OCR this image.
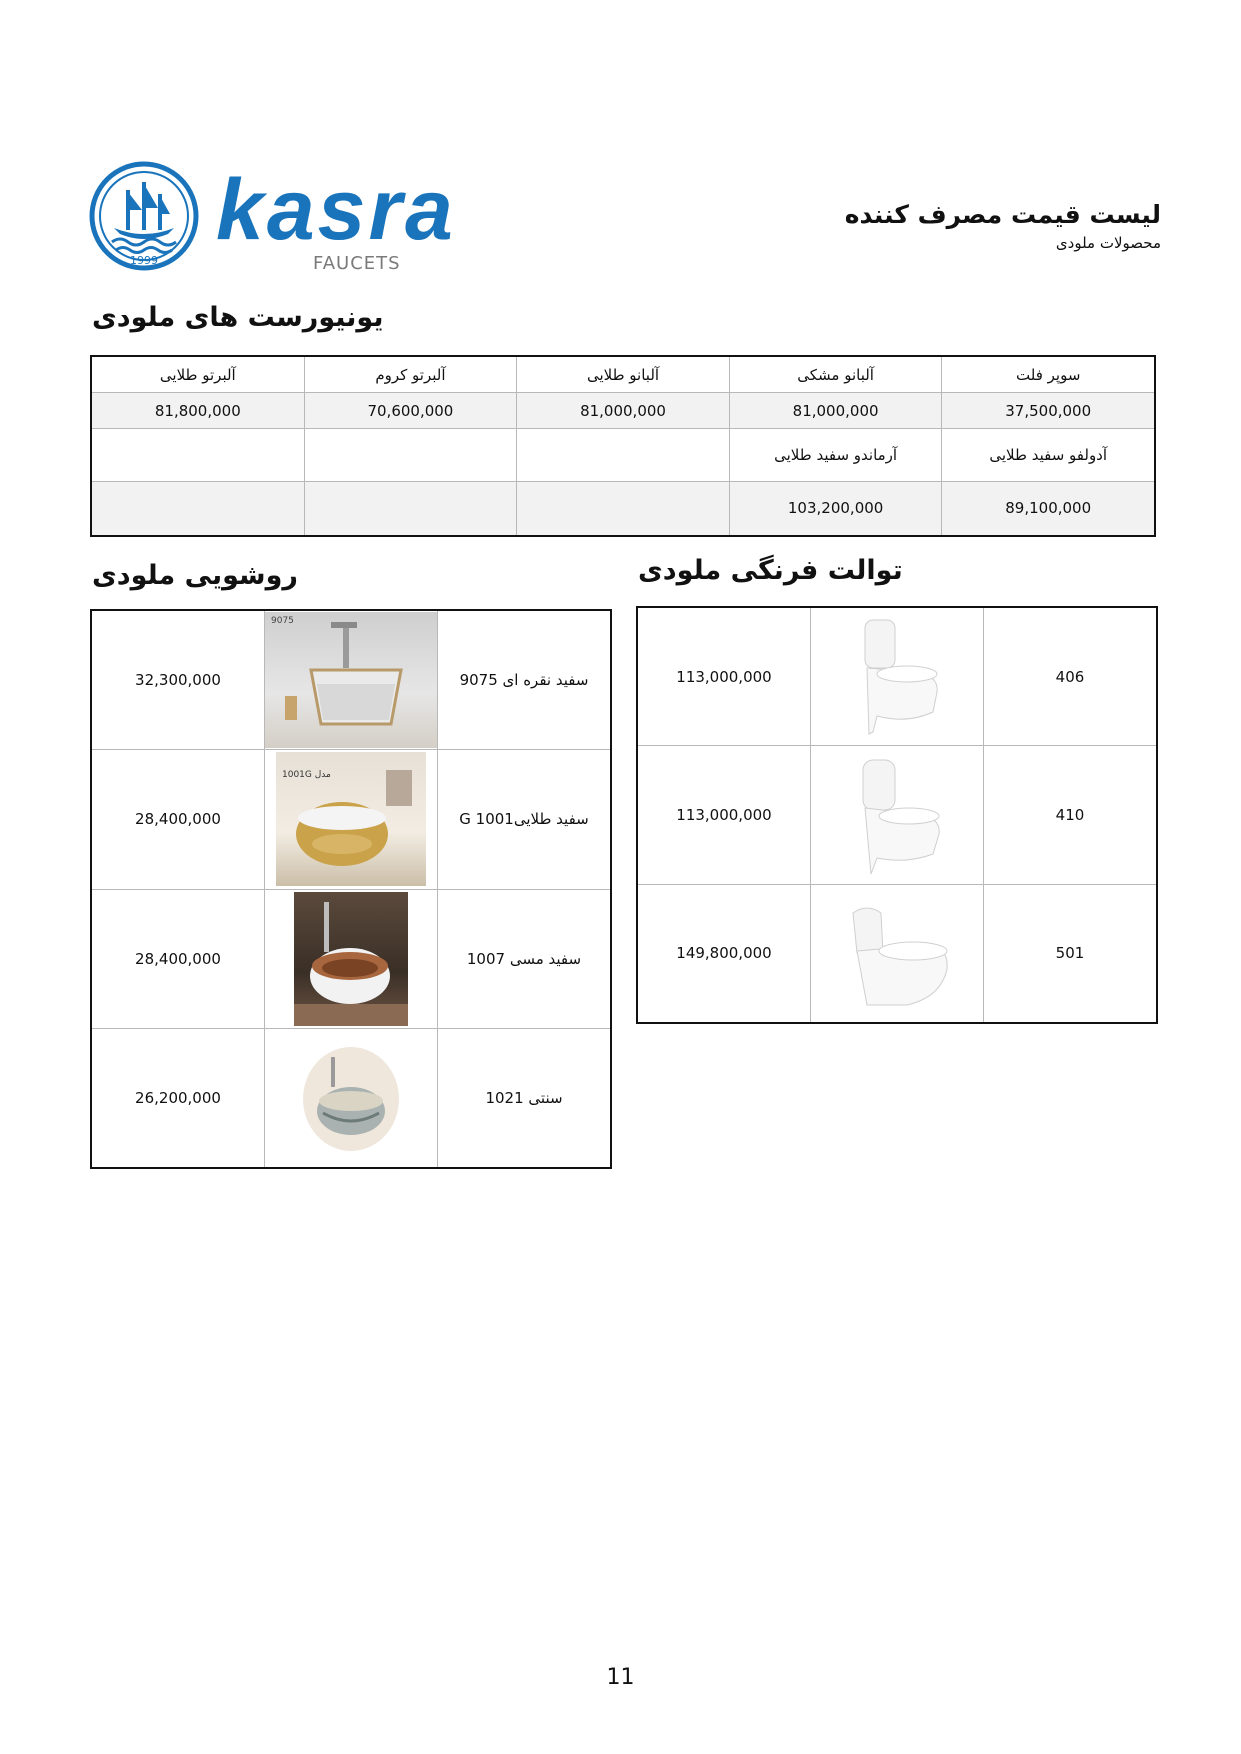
1999
kasra
FAUCETS
لیست قیمت مصرف کننده
محصولات ملودی
یونیورست های ملودی
سوپر فلت	آلبانو مشکی	آلبانو طلایی	آلبرتو کروم	آلبرتو طلایی
37,500,000	81,000,000	81,000,000	70,600,000	81,800,000
آدولفو سفید طلایی	آرماندو سفید طلایی			
89,100,000	103,200,000			
روشویی ملودی
32,300,000	9075	سفید نقره ای 9075
28,400,000	1001G مدل	سفید طلاییG 1001
28,400,000		سفید مسی 1007
26,200,000		سنتی 1021
توالت فرنگی ملودی
113,000,000		406
113,000,000		410
149,800,000		501
11
